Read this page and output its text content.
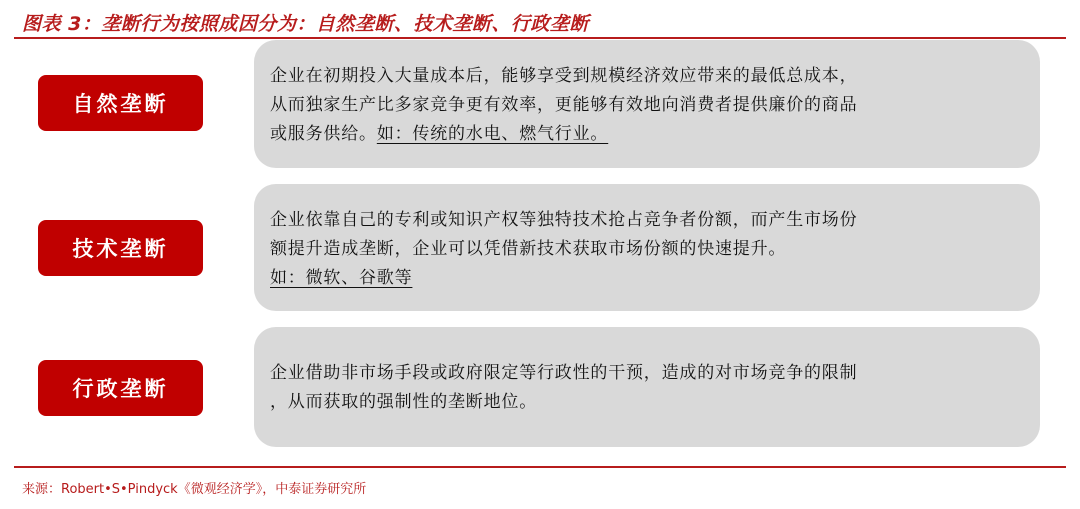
图表 3：垄断行为按照成因分为：自然垄断、技术垄断、行政垄断
自然垄断

企业在初期投入大量成本后，能够享受到规模经济效应带来的最低总成本，

从而独家生产比多家竞争更有效率，更能够有效地向消费者提供廉价的商品

或服务供给。如：传统的水电、燃气行业。

技术垄断

企业依靠自己的专利或知识产权等独特技术抢占竞争者份额，而产生市场份

额提升造成垄断，企业可以凭借新技术获取市场份额的快速提升。

如：微软、谷歌等

行政垄断

企业借助非市场手段或政府限定等行政性的干预，造成的对市场竞争的限制

，从而获取的强制性的垄断地位。

来源：Robert•S•Pindyck《微观经济学》，中泰证券研究所
